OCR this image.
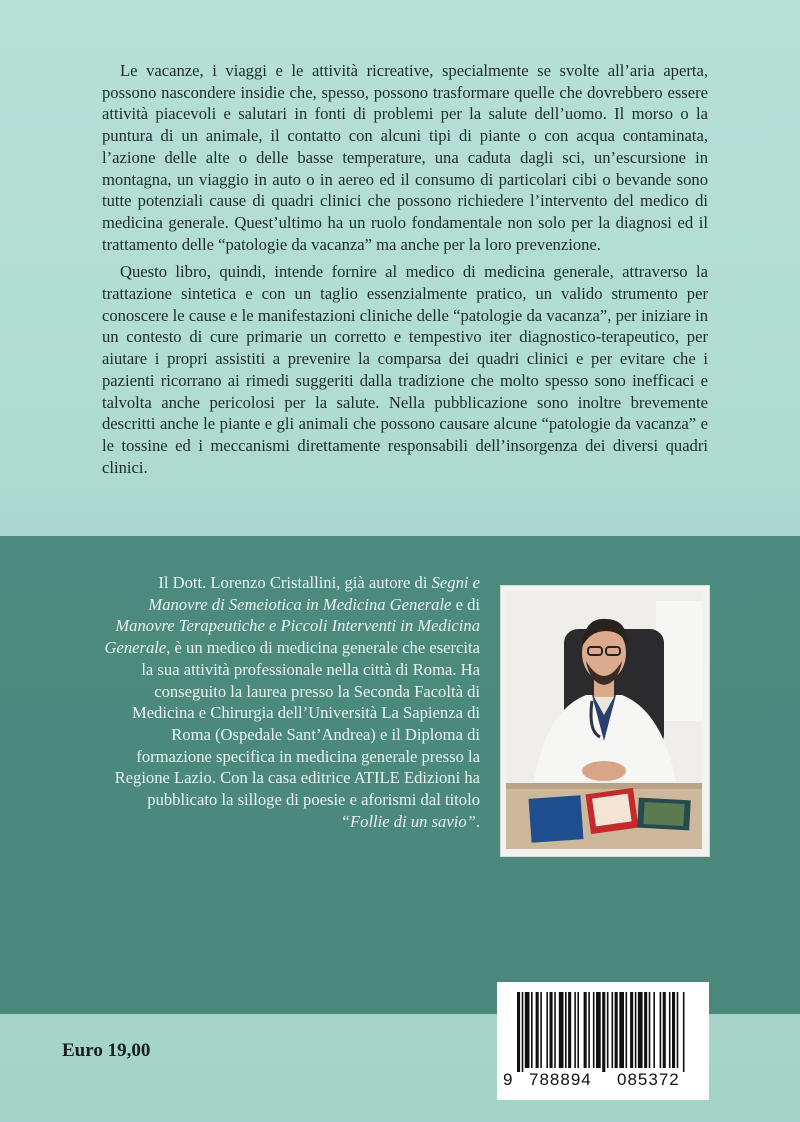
Le vacanze, i viaggi e le attività ricreative, specialmente se svolte all’aria aperta, possono nascondere insidie che, spesso, possono trasformare quelle che dovrebbero essere attività piacevoli e salutari in fonti di problemi per la salute dell’uomo. Il morso o la puntura di un animale, il contatto con alcuni tipi di piante o con acqua contaminata, l’azione delle alte o delle basse temperature, una caduta dagli sci, un’escursione in montagna, un viaggio in auto o in aereo ed il consumo di particolari cibi o bevande sono tutte potenziali cause di quadri clinici che possono richiedere l’intervento del medico di medicina generale. Quest’ultimo ha un ruolo fondamentale non solo per la diagnosi ed il trattamento delle “patologie da vacanza” ma anche per la loro prevenzione.

Questo libro, quindi, intende fornire al medico di medicina generale, attraverso la trattazione sintetica e con un taglio essenzialmente pratico, un valido strumento per conoscere le cause e le manifestazioni cliniche delle “patologie da vacanza”, per iniziare in un contesto di cure primarie un corretto e tempestivo iter diagnostico-terapeutico, per aiutare i propri assistiti a prevenire la comparsa dei quadri clinici e per evitare che i pazienti ricorrano ai rimedi suggeriti dalla tradizione che molto spesso sono inefficaci e talvolta anche pericolosi per la salute. Nella pubblicazione sono inoltre brevemente descritti anche le piante e gli animali che possono causare alcune “patologie da vacanza” e le tossine ed i meccanismi direttamente responsabili dell’insorgenza dei diversi quadri clinici.

Il Dott. Lorenzo Cristallini, già autore di Segni e Manovre di Semeiotica in Medicina Generale e di Manovre Terapeutiche e Piccoli Interventi in Medicina Generale, è un medico di medicina generale che esercita la sua attività professionale nella città di Roma. Ha conseguito la laurea presso la Seconda Facoltà di Medicina e Chirurgia dell’Università La Sapienza di Roma (Ospedale Sant’Andrea) e il Diploma di formazione specifica in medicina generale presso la Regione Lazio. Con la casa editrice ATILE Edizioni ha pubblicato la silloge di poesie e aforismi dal titolo “Follie di un savio”.

Euro 19,00
9 788894 085372
